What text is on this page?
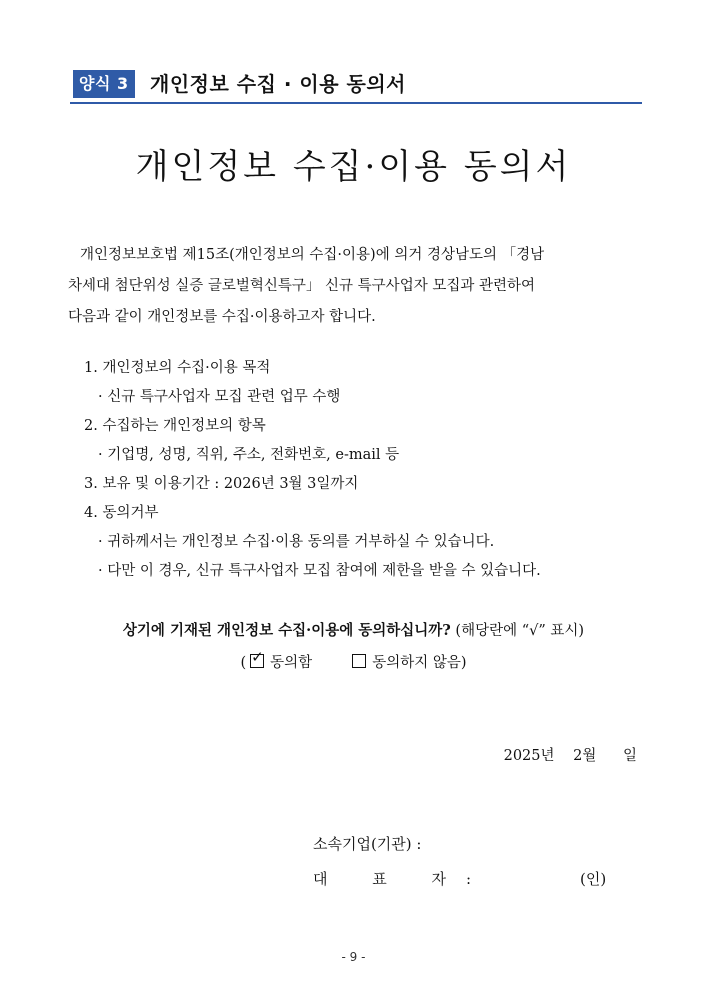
양식 3	개인정보 수집 · 이용 동의서
개인정보 수집·이용 동의서

개인정보보호법 제15조(개인정보의 수집·이용)에 의거 경상남도의 「경남

차세대 첨단위성 실증 글로벌혁신특구」 신규 특구사업자 모집과 관련하여

다음과 같이 개인정보를 수집·이용하고자 합니다.

1. 개인정보의 수집·이용 목적

· 신규 특구사업자 모집 관련 업무 수행

2. 수집하는 개인정보의 항목

· 기업명, 성명, 직위, 주소, 전화번호, e-mail 등

3. 보유 및 이용기간 : 2026년 3월 3일까지

4. 동의거부

· 귀하께서는 개인정보 수집·이용 동의를 거부하실 수 있습니다.

· 다만 이 경우, 신규 특구사업자 모집 참여에 제한을 받을 수 있습니다.

상기에 기재된 개인정보 수집·이용에 동의하십니까? (해당란에 “√” 표시)
( ✓ 동의함	동의하지 않음)
2025년 2월 일
소속기업(기관) :
대 표 자:	(인)
- 9 -
